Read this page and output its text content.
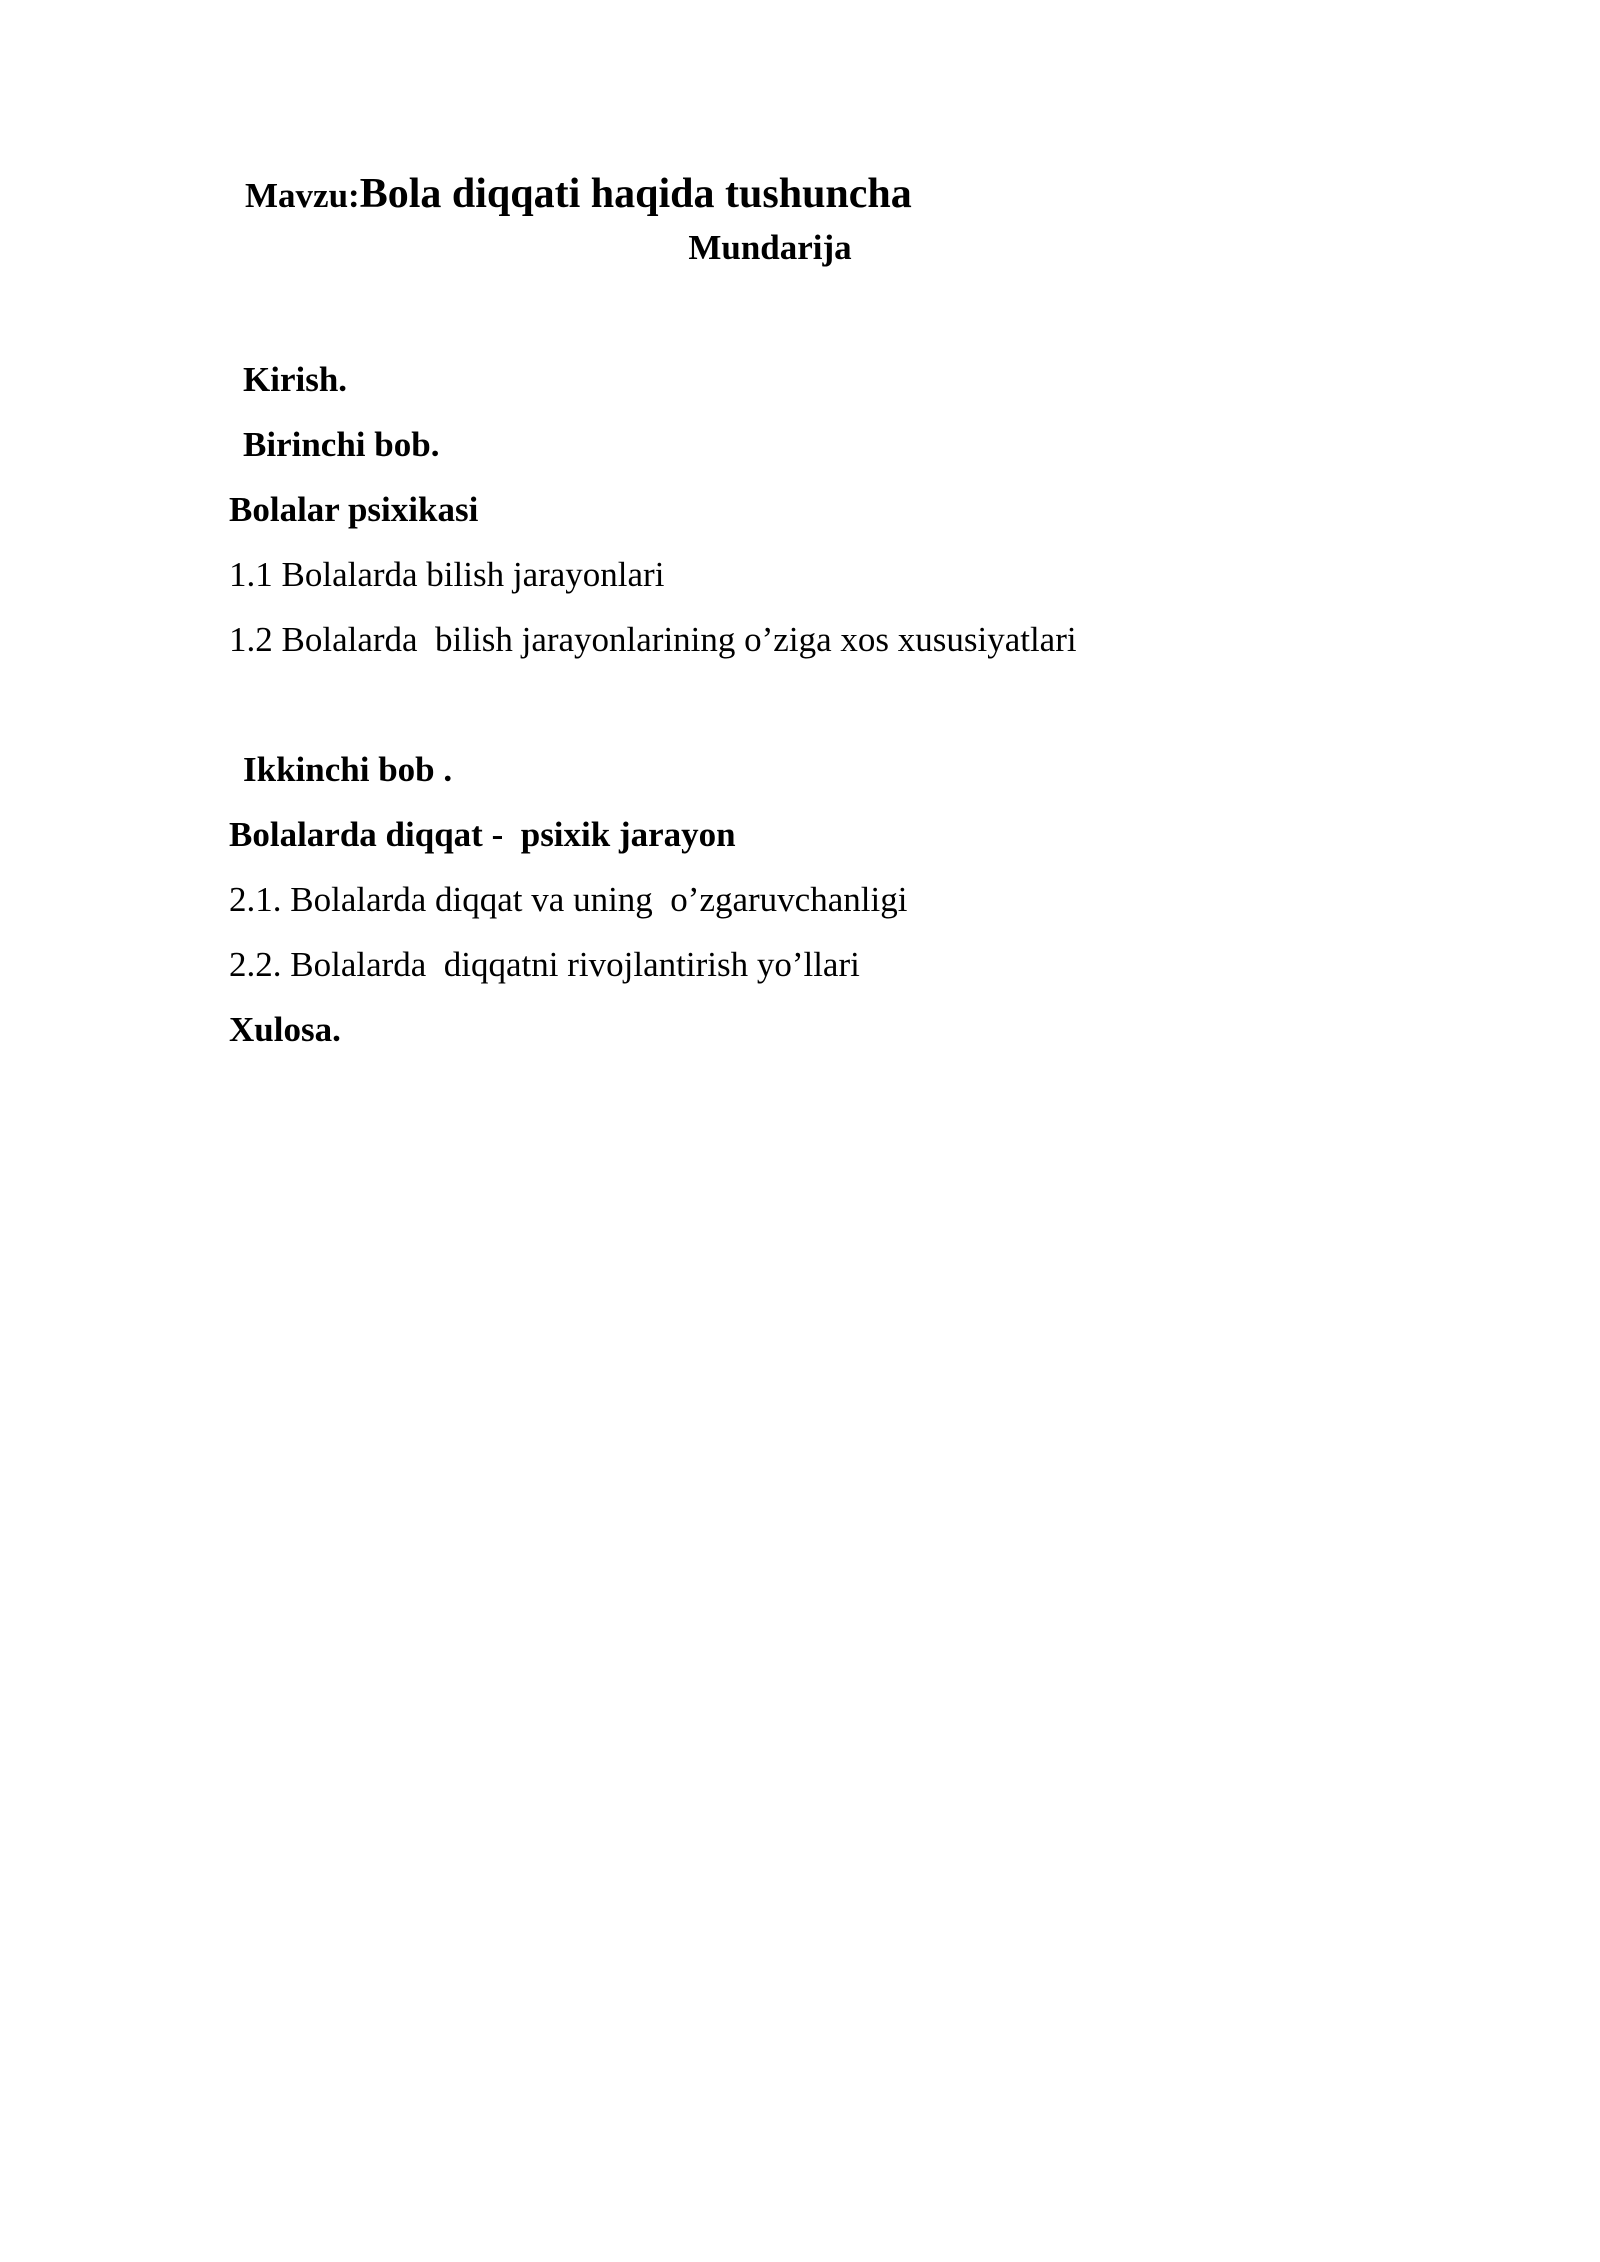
Mavzu:Bola diqqati haqida tushuncha

Mundarija
Kirish.
Birinchi bob.
Bolalar psixikasi
1.1 Bolalarda bilish jarayonlari
1.2 Bolalarda  bilish jarayonlarining o’ziga xos xususiyatlari
Ikkinchi bob .
Bolalarda diqqat -  psixik jarayon
2.1. Bolalarda diqqat va uning  o’zgaruvchanligi
2.2. Bolalarda  diqqatni rivojlantirish yo’llari
Xulosa.
